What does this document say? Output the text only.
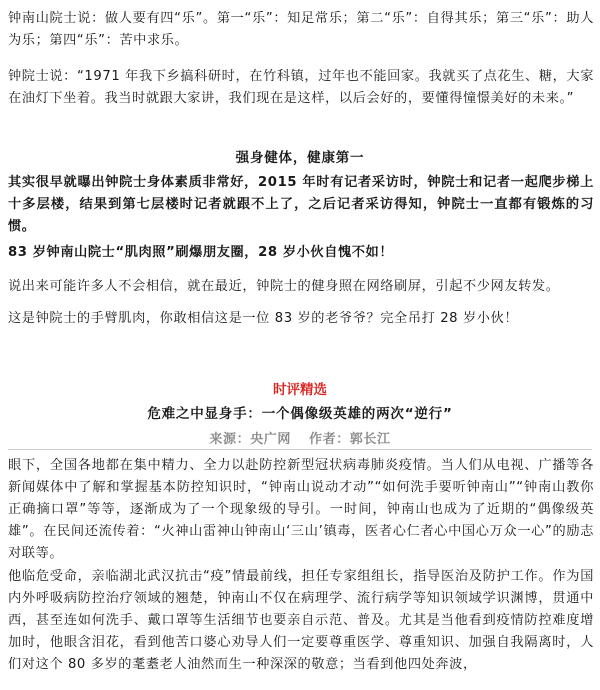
钟南山院士说：做人要有四“乐”。第一“乐”：知足常乐；第二“乐”：自得其乐；第三“乐”：助人为乐；第四“乐”：苦中求乐。

钟院士说：“1971 年我下乡搞科研时，在竹科镇，过年也不能回家。我就买了点花生、糖，大家在油灯下坐着。我当时就跟大家讲，我们现在是这样，以后会好的，要懂得憧憬美好的未来。”

强身健体，健康第一

其实很早就曝出钟院士身体素质非常好，2015 年时有记者采访时，钟院士和记者一起爬步梯上十多层楼，结果到第七层楼时记者就跟不上了，之后记者采访得知，钟院士一直都有锻炼的习惯。

83 岁钟南山院士“肌肉照”刷爆朋友圈，28 岁小伙自愧不如！

说出来可能许多人不会相信，就在最近，钟院士的健身照在网络刷屏，引起不少网友转发。

这是钟院士的手臂肌肉，你敢相信这是一位 83 岁的老爷爷？完全吊打 28 岁小伙！

时评精选

危难之中显身手：一个偶像级英雄的两次“逆行”

来源：央广网 作者：郭长江

眼下，全国各地都在集中精力、全力以赴防控新型冠状病毒肺炎疫情。当人们从电视、广播等各新闻媒体中了解和掌握基本防控知识时，“钟南山说动才动”“如何洗手要听钟南山”“钟南山教你正确摘口罩”等等，逐渐成为了一个现象级的导引。一时间，钟南山也成为了近期的“偶像级英雄”。在民间还流传着：“火神山雷神山钟南山‘三山’镇毒，医者心仁者心中国心万众一心”的励志对联等。

他临危受命，亲临湖北武汉抗击“疫”情最前线，担任专家组组长，指导医治及防护工作。作为国内外呼吸病防控治疗领域的翘楚，钟南山不仅在病理学、流行病学等知识领域学识渊博，贯通中西，甚至连如何洗手、戴口罩等生活细节也要亲自示范、普及。尤其是当他看到疫情防控难度增加时，他眼含泪花，看到他苦口婆心劝导人们一定要尊重医学、尊重知识、加强自我隔离时，人们对这个 80 多岁的耄耋老人油然而生一种深深的敬意；当看到他四处奔波，
